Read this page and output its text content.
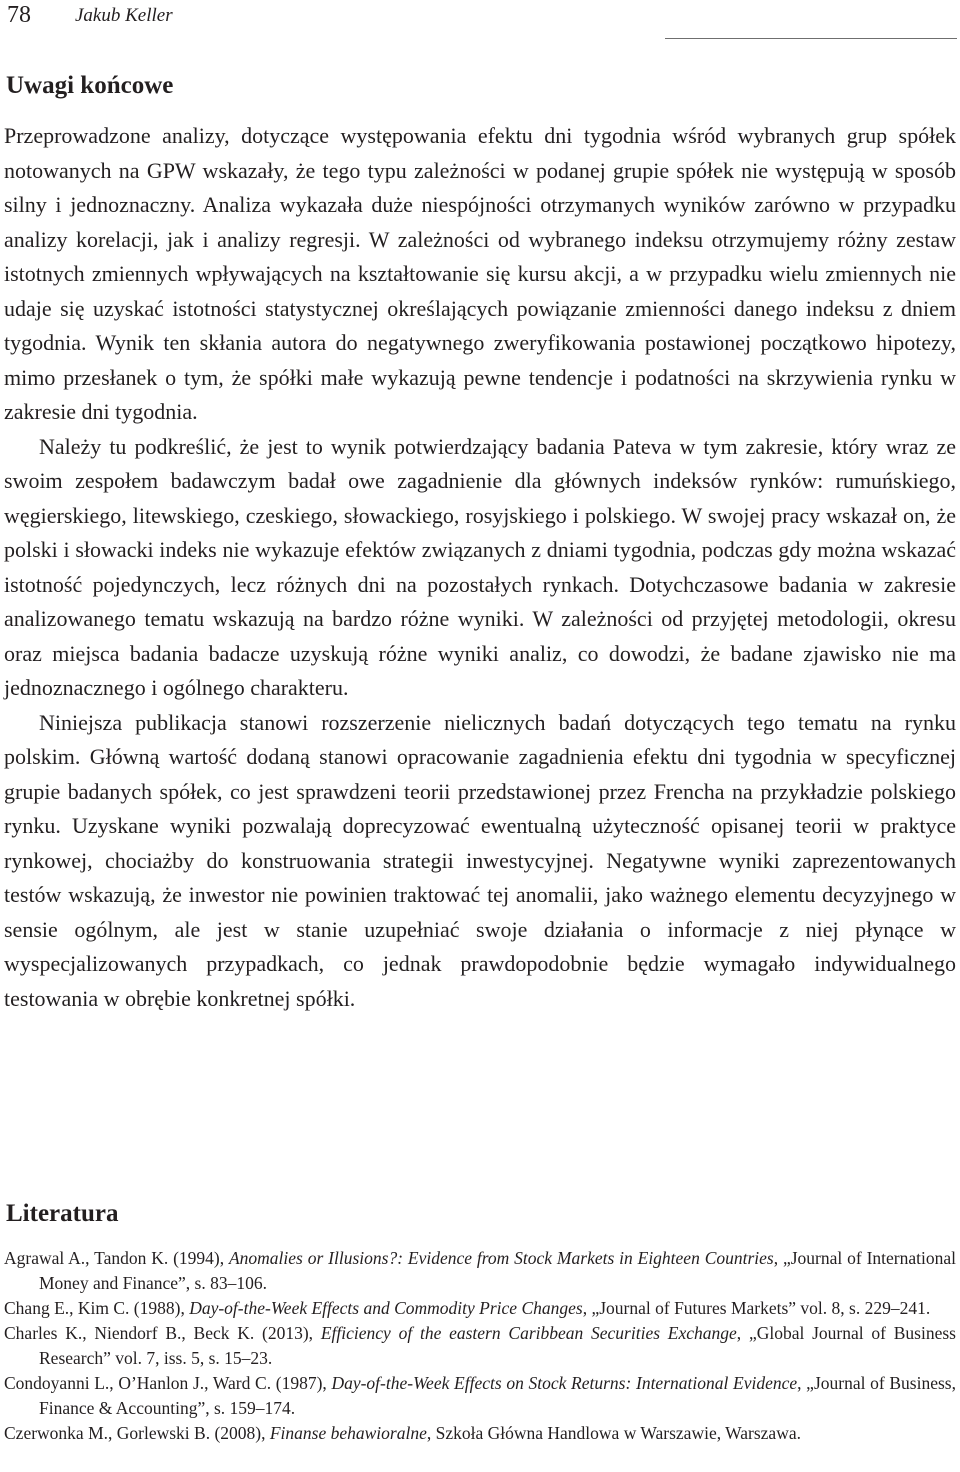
78 Jakub Keller
Uwagi końcowe

Przeprowadzone analizy, dotyczące występowania efektu dni tygodnia wśród wybranych grup spółek notowanych na GPW wskazały, że tego typu zależności w podanej grupie spółek nie występują w sposób silny i jednoznaczny. Analiza wykazała duże niespójności otrzymanych wyników zarówno w przypadku analizy korelacji, jak i analizy regresji. W zależności od wybranego indeksu otrzymujemy różny zestaw istotnych zmiennych wpływających na kształtowanie się kursu akcji, a w przypadku wielu zmiennych nie udaje się uzyskać istotności statystycznej określających powiązanie zmienności danego indeksu z dniem tygodnia. Wynik ten skłania autora do negatywnego zweryfikowania postawionej początkowo hipotezy, mimo przesłanek o tym, że spółki małe wykazują pewne tendencje i podatności na skrzywienia rynku w zakresie dni tygodnia.

Należy tu podkreślić, że jest to wynik potwierdzający badania Pateva w tym zakresie, który wraz ze swoim zespołem badawczym badał owe zagadnienie dla głównych indeksów rynków: rumuńskiego, węgierskiego, litewskiego, czeskiego, słowackiego, rosyjskiego i polskiego. W swojej pracy wskazał on, że polski i słowacki indeks nie wykazuje efektów związanych z dniami tygodnia, podczas gdy można wskazać istotność pojedynczych, lecz różnych dni na pozostałych rynkach. Dotychczasowe badania w zakresie analizowanego tematu wskazują na bardzo różne wyniki. W zależności od przyjętej metodologii, okresu oraz miejsca badania badacze uzyskują różne wyniki analiz, co dowodzi, że badane zjawisko nie ma jednoznacznego i ogólnego charakteru.

Niniejsza publikacja stanowi rozszerzenie nielicznych badań dotyczących tego tematu na rynku polskim. Główną wartość dodaną stanowi opracowanie zagadnienia efektu dni tygodnia w specyficznej grupie badanych spółek, co jest sprawdzeni teorii przedstawionej przez Frencha na przykładzie polskiego rynku. Uzyskane wyniki pozwalają doprecyzować ewentualną użyteczność opisanej teorii w praktyce rynkowej, chociażby do konstruowania strategii inwestycyjnej. Negatywne wyniki zaprezentowanych testów wskazują, że inwestor nie powinien traktować tej anomalii, jako ważnego elementu decyzyjnego w sensie ogólnym, ale jest w stanie uzupełniać swoje działania o informacje z niej płynące w wyspecjalizowanych przypadkach, co jednak prawdopodobnie będzie wymagało indywidualnego testowania w obrębie konkretnej spółki.

Literatura

Agrawal A., Tandon K. (1994), Anomalies or Illusions?: Evidence from Stock Markets in Eighteen Countries, „Journal of International Money and Finance”, s. 83–106.

Chang E., Kim C. (1988), Day-of-the-Week Effects and Commodity Price Changes, „Journal of Futures Markets” vol. 8, s. 229–241.

Charles K., Niendorf B., Beck K. (2013), Efficiency of the eastern Caribbean Securities Exchange, „Global Journal of Business Research” vol. 7, iss. 5, s. 15–23.

Condoyanni L., O’Hanlon J., Ward C. (1987), Day-of-the-Week Effects on Stock Returns: International Evidence, „Journal of Business, Finance & Accounting”, s. 159–174.

Czerwonka M., Gorlewski B. (2008), Finanse behawioralne, Szkoła Główna Handlowa w Warszawie, Warszawa.
